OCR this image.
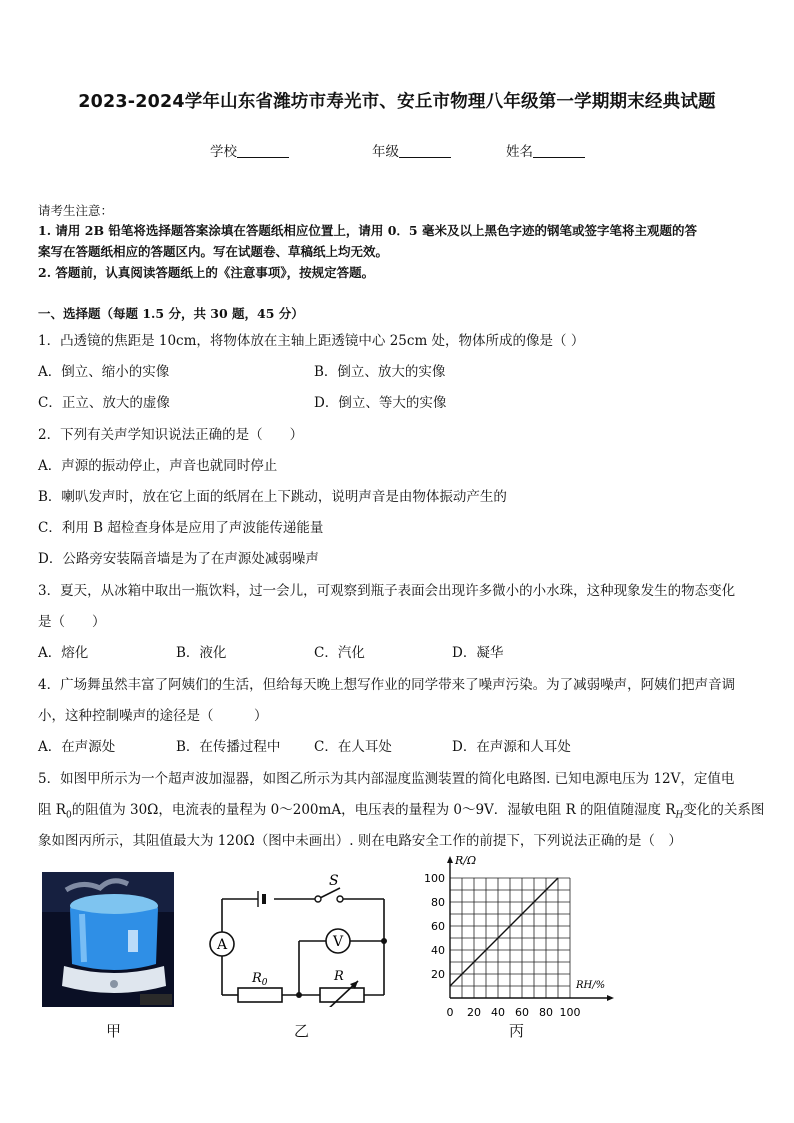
2023-2024学年山东省潍坊市寿光市、安丘市物理八年级第一学期期末经典试题
学校	年级	姓名
请考生注意：
1. 请用 2B 铅笔将选择题答案涂填在答题纸相应位置上，请用 0．5 毫米及以上黑色字迹的钢笔或签字笔将主观题的答
案写在答题纸相应的答题区内。写在试题卷、草稿纸上均无效。
2. 答题前，认真阅读答题纸上的《注意事项》，按规定答题。
一、选择题（每题 1.5 分，共 30 题，45 分）
1．凸透镜的焦距是 10cm，将物体放在主轴上距透镜中心 25cm 处，物体所成的像是（ ）
A．倒立、缩小的实像	B．倒立、放大的实像
C．正立、放大的虚像	D．倒立、等大的实像
2．下列有关声学知识说法正确的是（　　）
A．声源的振动停止，声音也就同时停止
B．喇叭发声时，放在它上面的纸屑在上下跳动，说明声音是由物体振动产生的
C．利用 B 超检查身体是应用了声波能传递能量
D．公路旁安装隔音墙是为了在声源处减弱噪声
3．夏天，从冰箱中取出一瓶饮料，过一会儿，可观察到瓶子表面会出现许多微小的小水珠，这种现象发生的物态变化
是（　　）
A．熔化	B．液化	C．汽化	D．凝华
4．广场舞虽然丰富了阿姨们的生活，但给每天晚上想写作业的同学带来了噪声污染。为了减弱噪声，阿姨们把声音调
小，这种控制噪声的途径是（　　　）
A．在声源处	B．在传播过程中 C．在人耳处	D．在声源和人耳处
5．如图甲所示为一个超声波加湿器，如图乙所示为其内部湿度监测装置的简化电路图. 已知电源电压为 12V，定值电
阻 $R_0$的阻值为 30Ω，电流表的量程为 0～200mA，电压表的量程为 0～9V．湿敏电阻 R 的阻值随湿度 $R_H$变化的关系图
象如图丙所示，其阻值最大为 120Ω（图中未画出）. 则在电路安全工作的前提下，下列说法正确的是（　）
甲
A	V
S
$R_0$	R
乙
0 20 40 60 80 100
20
40
60
80
100
R/Ω
RH/%
丙
